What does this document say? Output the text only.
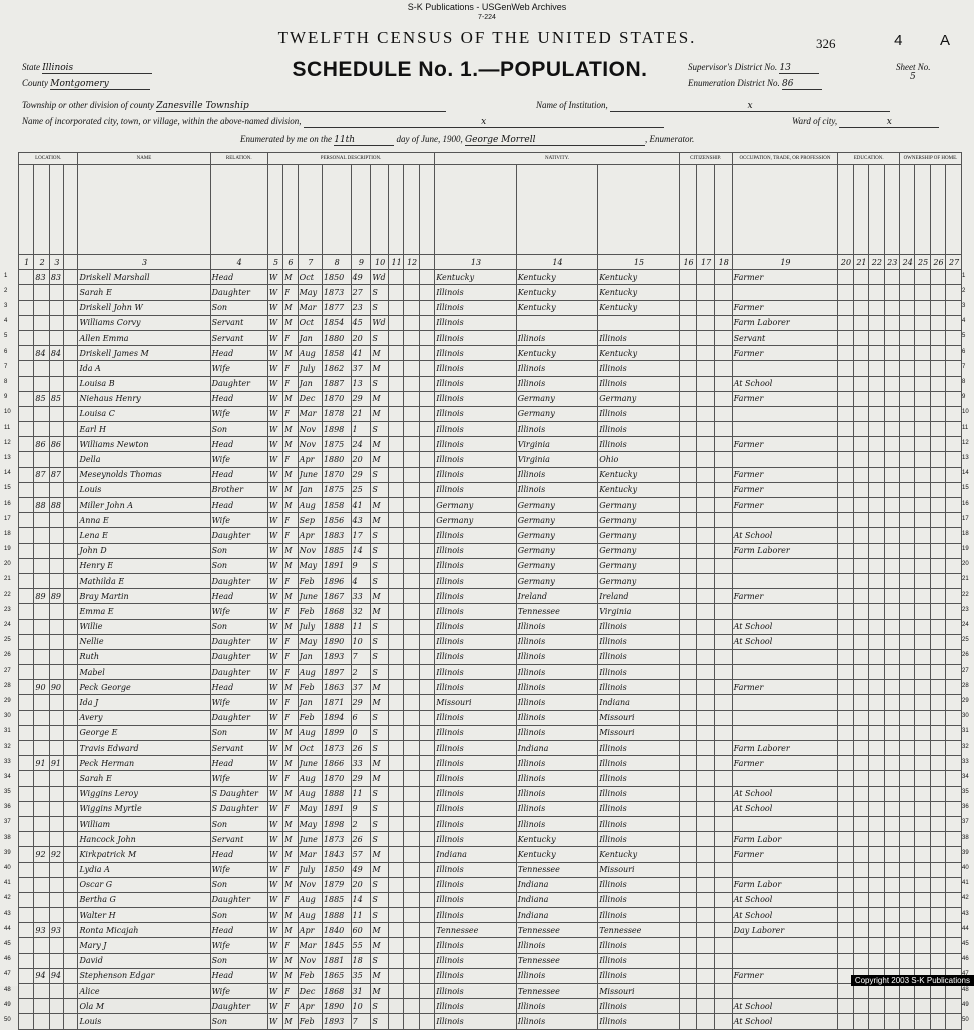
S-K Publications - USGenWeb Archives
7-224
TWELFTH CENSUS OF THE UNITED STATES.	326	4	A
State Illinois
County Montgomery
SCHEDULE No. 1.—POPULATION.	Supervisor's District No. 13
Enumeration District No. 86
Sheet No.
5
Township or other division of county Zanesville Township	Name of Institution,	x
Name of incorporated city, town, or village, within the above-named division,	x	Ward of city,	x
Enumerated by me on the 11th	day of June, 1900, George Morrell	, Enumerator.
LOCATION.				NAME	RELATION.	PERSONAL DESCRIPTION.									NATIVITY.			CITIZENSHIP.			OCCUPATION, TRADE, OR PROFESSION	EDUCATION.				OWNERSHIP OF HOME.			

1	2	3		3	4	5	6	7	8	9	10	11	12		13	14	15	16	17	18	19	20	21	22	23	24	25	26	27
	83	83		Driskell Marshall	Head	W	M	Oct	1850	49	Wd				Kentucky	Kentucky	Kentucky				Farmer								
				Sarah E	Daughter	W	F	May	1873	27	S				Illinois	Kentucky	Kentucky												
				Driskell John W	Son	W	M	Mar	1877	23	S				Illinois	Kentucky	Kentucky				Farmer								
				Williams Corvy	Servant	W	M	Oct	1854	45	Wd				Illinois						Farm Laborer								
				Allen Emma	Servant	W	F	Jan	1880	20	S				Illinois	Illinois	Illinois				Servant								
	84	84		Driskell James M	Head	W	M	Aug	1858	41	M				Illinois	Kentucky	Kentucky				Farmer								
				Ida A	Wife	W	F	July	1862	37	M				Illinois	Illinois	Illinois												
				Louisa B	Daughter	W	F	Jan	1887	13	S				Illinois	Illinois	Illinois				At School								
	85	85		Niehaus Henry	Head	W	M	Dec	1870	29	M				Illinois	Germany	Germany				Farmer								
				Louisa C	Wife	W	F	Mar	1878	21	M				Illinois	Germany	Illinois												
				Earl H	Son	W	M	Nov	1898	1	S				Illinois	Illinois	Illinois												
	86	86		Williams Newton	Head	W	M	Nov	1875	24	M				Illinois	Virginia	Illinois				Farmer								
				Della	Wife	W	F	Apr	1880	20	M				Illinois	Virginia	Ohio												
	87	87		Meseynolds Thomas	Head	W	M	June	1870	29	S				Illinois	Illinois	Kentucky				Farmer								
				Louis	Brother	W	M	Jan	1875	25	S				Illinois	Illinois	Kentucky				Farmer								
	88	88		Miller John A	Head	W	M	Aug	1858	41	M				Germany	Germany	Germany				Farmer								
				Anna E	Wife	W	F	Sep	1856	43	M				Germany	Germany	Germany												
				Lena E	Daughter	W	F	Apr	1883	17	S				Illinois	Germany	Germany				At School								
				John D	Son	W	M	Nov	1885	14	S				Illinois	Germany	Germany				Farm Laborer								
				Henry E	Son	W	M	May	1891	9	S				Illinois	Germany	Germany												
				Mathilda E	Daughter	W	F	Feb	1896	4	S				Illinois	Germany	Germany												
	89	89		Bray Martin	Head	W	M	June	1867	33	M				Illinois	Ireland	Ireland				Farmer								
				Emma E	Wife	W	F	Feb	1868	32	M				Illinois	Tennessee	Virginia												
				Willie	Son	W	M	July	1888	11	S				Illinois	Illinois	Illinois				At School								
				Nellie	Daughter	W	F	May	1890	10	S				Illinois	Illinois	Illinois				At School								
				Ruth	Daughter	W	F	Jan	1893	7	S				Illinois	Illinois	Illinois												
				Mabel	Daughter	W	F	Aug	1897	2	S				Illinois	Illinois	Illinois												
	90	90		Peck George	Head	W	M	Feb	1863	37	M				Illinois	Illinois	Illinois				Farmer								
				Ida J	Wife	W	F	Jan	1871	29	M				Missouri	Illinois	Indiana												
				Avery	Daughter	W	F	Feb	1894	6	S				Illinois	Illinois	Missouri												
				George E	Son	W	M	Aug	1899	0	S				Illinois	Illinois	Missouri												
				Travis Edward	Servant	W	M	Oct	1873	26	S				Illinois	Indiana	Illinois				Farm Laborer								
	91	91		Peck Herman	Head	W	M	June	1866	33	M				Illinois	Illinois	Illinois				Farmer								
				Sarah E	Wife	W	F	Aug	1870	29	M				Illinois	Illinois	Illinois												
				Wiggins Leroy	S Daughter	W	M	Aug	1888	11	S				Illinois	Illinois	Illinois				At School								
				Wiggins Myrtle	S Daughter	W	F	May	1891	9	S				Illinois	Illinois	Illinois				At School								
				William	Son	W	M	May	1898	2	S				Illinois	Illinois	Illinois												
				Hancock John	Servant	W	M	June	1873	26	S				Illinois	Kentucky	Illinois				Farm Labor								
	92	92		Kirkpatrick M	Head	W	M	Mar	1843	57	M				Indiana	Kentucky	Kentucky				Farmer								
				Lydia A	Wife	W	F	July	1850	49	M				Illinois	Tennessee	Missouri												
				Oscar G	Son	W	M	Nov	1879	20	S				Illinois	Indiana	Illinois				Farm Labor								
				Bertha G	Daughter	W	F	Aug	1885	14	S				Illinois	Indiana	Illinois				At School								
				Walter H	Son	W	M	Aug	1888	11	S				Illinois	Indiana	Illinois				At School								
	93	93		Ronta Micajah	Head	W	M	Apr	1840	60	M				Tennessee	Tennessee	Tennessee				Day Laborer								
				Mary J	Wife	W	F	Mar	1845	55	M				Illinois	Illinois	Illinois												
				David	Son	W	M	Nov	1881	18	S				Illinois	Tennessee	Illinois												
	94	94		Stephenson Edgar	Head	W	M	Feb	1865	35	M				Illinois	Illinois	Illinois				Farmer								
				Alice	Wife	W	F	Dec	1868	31	M				Illinois	Tennessee	Missouri												
				Ola M	Daughter	W	F	Apr	1890	10	S				Illinois	Illinois	Illinois				At School								
				Louis	Son	W	M	Feb	1893	7	S				Illinois	Illinois	Illinois				At School								
Copyright 2003 S-K Publications
1	1
2	2
3	3
4	4
5	5
6	6
7	7
8	8
9	9
10	10
11	11
12	12
13	13
14	14
15	15
16	16
17	17
18	18
19	19
20	20
21	21
22	22
23	23
24	24
25	25
26	26
27	27
28	28
29	29
30	30
31	31
32	32
33	33
34	34
35	35
36	36
37	37
38	38
39	39
40	40
41	41
42	42
43	43
44	44
45	45
46	46
47	47
48	48
49	49
50	50
